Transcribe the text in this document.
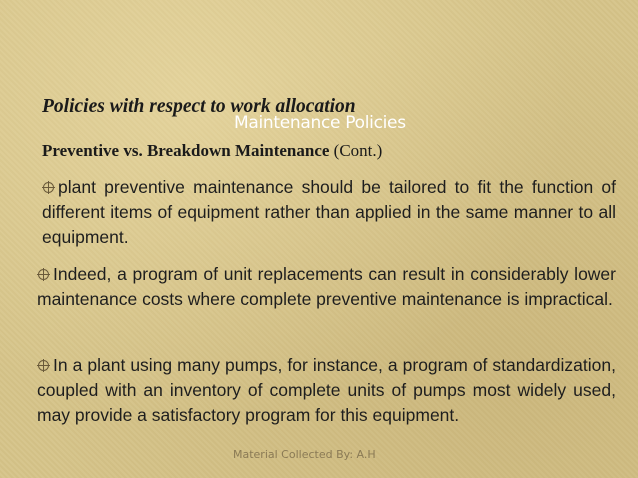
Policies with respect to work allocation
Maintenance Policies
Preventive vs. Breakdown Maintenance (Cont.)

plant preventive maintenance should be tailored to fit the function of different items of equipment rather than applied in the same manner to all equipment.

Indeed, a program of unit replacements can result in considerably lower maintenance costs where complete preventive maintenance is impractical.

In a plant using many pumps, for instance, a program of standardization, coupled with an inventory of complete units of pumps most widely used, may provide a satisfactory program for this equipment.

Material Collected By: A.H
